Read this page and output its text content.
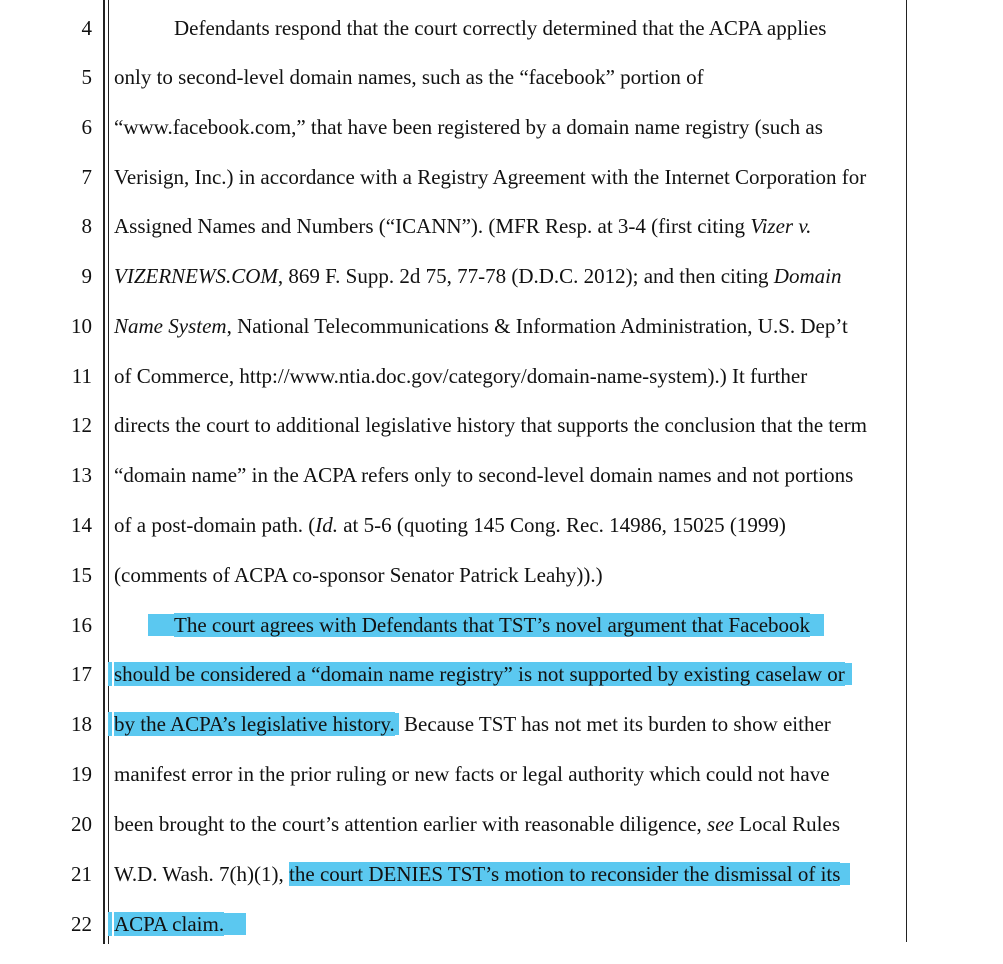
4	Defendants respond that the court correctly determined that the ACPA applies
5 only to second-level domain names, such as the “facebook” portion of
6 “www.facebook.com,” that have been registered by a domain name registry (such as
7 Verisign, Inc.) in accordance with a Registry Agreement with the Internet Corporation for
8 Assigned Names and Numbers (“ICANN”). (MFR Resp. at 3-4 (first citing Vizer v.
9 VIZERNEWS.COM, 869 F. Supp. 2d 75, 77-78 (D.D.C. 2012); and then citing Domain
10 Name System, National Telecommunications & Information Administration, U.S. Dep’t
11 of Commerce, http://www.ntia.doc.gov/category/domain-name-system).) It further
12 directs the court to additional legislative history that supports the conclusion that the term
13 “domain name” in the ACPA refers only to second-level domain names and not portions
14 of a post-domain path. (Id. at 5-6 (quoting 145 Cong. Rec. 14986, 15025 (1999)
15 (comments of ACPA co-sponsor Senator Patrick Leahy)).)
16	The court agrees with Defendants that TST’s novel argument that Facebook
17 should be considered a “domain name registry” is not supported by existing caselaw or
18 by the ACPA’s legislative history. Because TST has not met its burden to show either
19 manifest error in the prior ruling or new facts or legal authority which could not have
20 been brought to the court’s attention earlier with reasonable diligence, see Local Rules
21 W.D. Wash. 7(h)(1), the court DENIES TST’s motion to reconsider the dismissal of its
22 ACPA claim.
